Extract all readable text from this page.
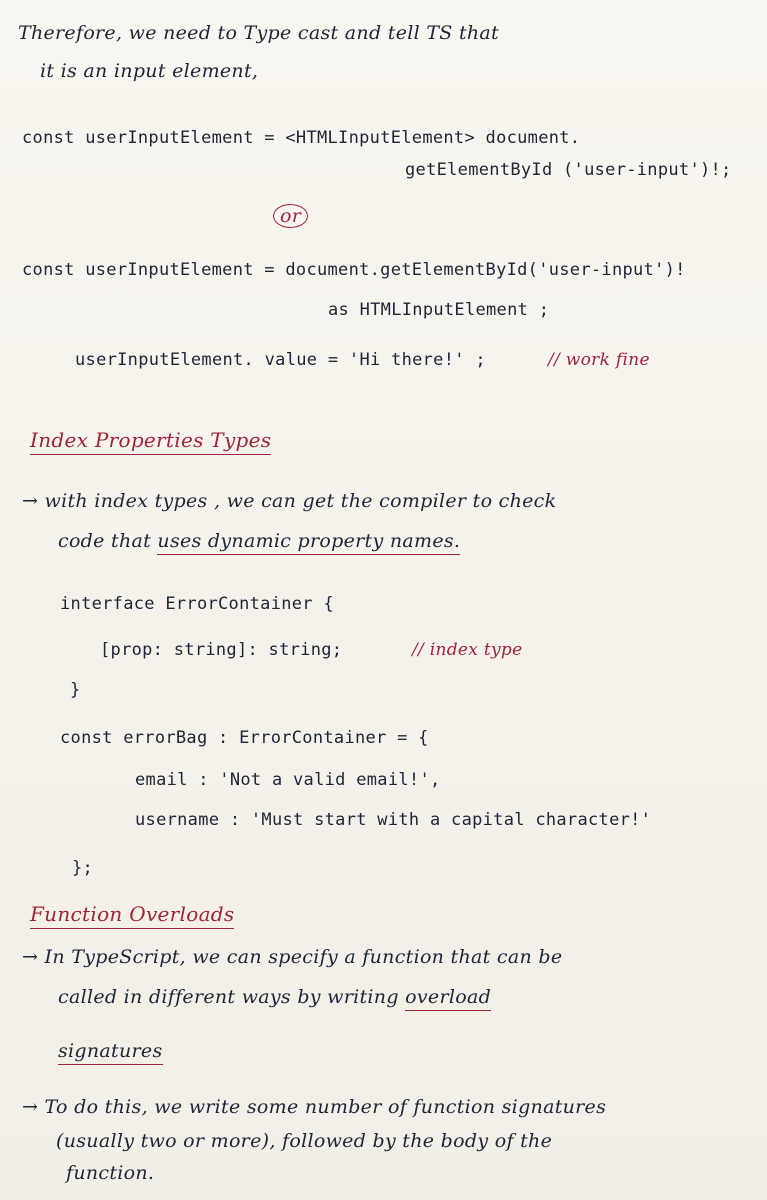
Therefore, we need to Type cast and tell TS that
it is an input element,
const userInputElement = <HTMLInputElement> document.
getElementById ('user-input')!;
or
const userInputElement = document.getElementById('user-input')!
as HTMLInputElement ;
userInputElement. value = 'Hi there!' ;	// work fine
Index Properties Types
→ with index types , we can get the compiler to check
code that uses dynamic property names.
interface ErrorContainer {
[prop: string]: string;	// index type
}
const errorBag : ErrorContainer = {
email : 'Not a valid email!',
username : 'Must start with a capital character!'
};
Function Overloads
→ In TypeScript, we can specify a function that can be
called in different ways by writing overload
signatures
→ To do this, we write some number of function signatures
(usually two or more), followed by the body of the
function.
